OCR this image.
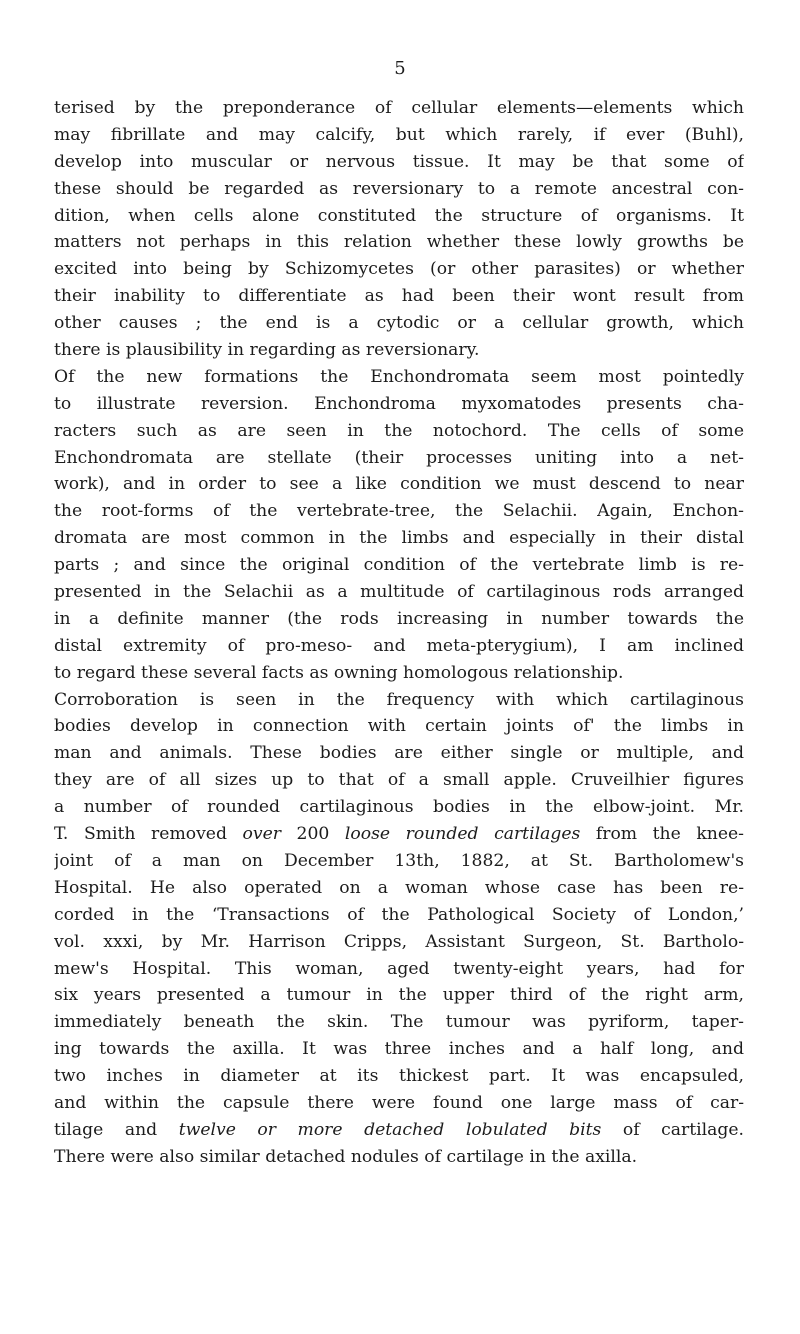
5
terised by the preponderance of cellular elements—elements which
may fibrillate and may calcify, but which rarely, if ever (Buhl),
develop into muscular or nervous tissue. It may be that some of
these should be regarded as reversionary to a remote ancestral con-
dition, when cells alone constituted the structure of organisms. It
matters not perhaps in this relation whether these lowly growths be
excited into being by Schizomycetes (or other parasites) or whether
their inability to differentiate as had been their wont result from
other causes ; the end is a cytodic or a cellular growth, which
there is plausibility in regarding as reversionary.
Of the new formations the Enchondromata seem most pointedly
to illustrate reversion. Enchondroma myxomatodes presents cha-
racters such as are seen in the notochord. The cells of some
Enchondromata are stellate (their processes uniting into a net-
work), and in order to see a like condition we must descend to near
the root-forms of the vertebrate-tree, the Selachii. Again, Enchon-
dromata are most common in the limbs and especially in their distal
parts ; and since the original condition of the vertebrate limb is re-
presented in the Selachii as a multitude of cartilaginous rods arranged
in a definite manner (the rods increasing in number towards the
distal extremity of pro-meso- and meta-pterygium), I am inclined
to regard these several facts as owning homologous relationship.
Corroboration is seen in the frequency with which cartilaginous
bodies develop in connection with certain joints of' the limbs in
man and animals. These bodies are either single or multiple, and
they are of all sizes up to that of a small apple. Cruveilhier figures
a number of rounded cartilaginous bodies in the elbow-joint. Mr.
T. Smith removed over 200 loose rounded cartilages from the knee-
joint of a man on December 13th, 1882, at St. Bartholomew's
Hospital. He also operated on a woman whose case has been re-
corded in the ‘Transactions of the Pathological Society of London,’
vol. xxxi, by Mr. Harrison Cripps, Assistant Surgeon, St. Bartholo-
mew's Hospital. This woman, aged twenty-eight years, had for
six years presented a tumour in the upper third of the right arm,
immediately beneath the skin. The tumour was pyriform, taper-
ing towards the axilla. It was three inches and a half long, and
two inches in diameter at its thickest part. It was encapsuled,
and within the capsule there were found one large mass of car-
tilage and twelve or more detached lobulated bits of cartilage.
There were also similar detached nodules of cartilage in the axilla.
